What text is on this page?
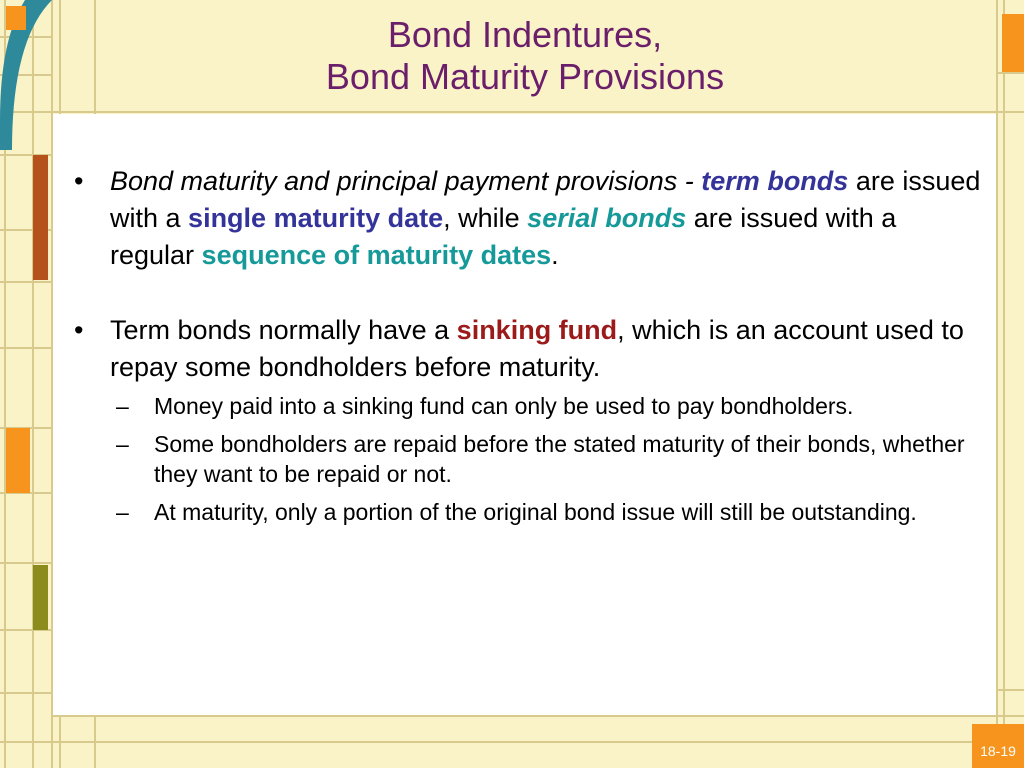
Bond Indentures,
Bond Maturity Provisions
• Bond maturity and principal payment provisions - term bonds are issued with a single maturity date, while serial bonds are issued with a regular sequence of maturity dates.
• Term bonds normally have a sinking fund, which is an account used to repay some bondholders before maturity.
– Money paid into a sinking fund can only be used to pay bondholders.
– Some bondholders are repaid before the stated maturity of their bonds, whether they want to be repaid or not.
– At maturity, only a portion of the original bond issue will still be outstanding.
18-19
